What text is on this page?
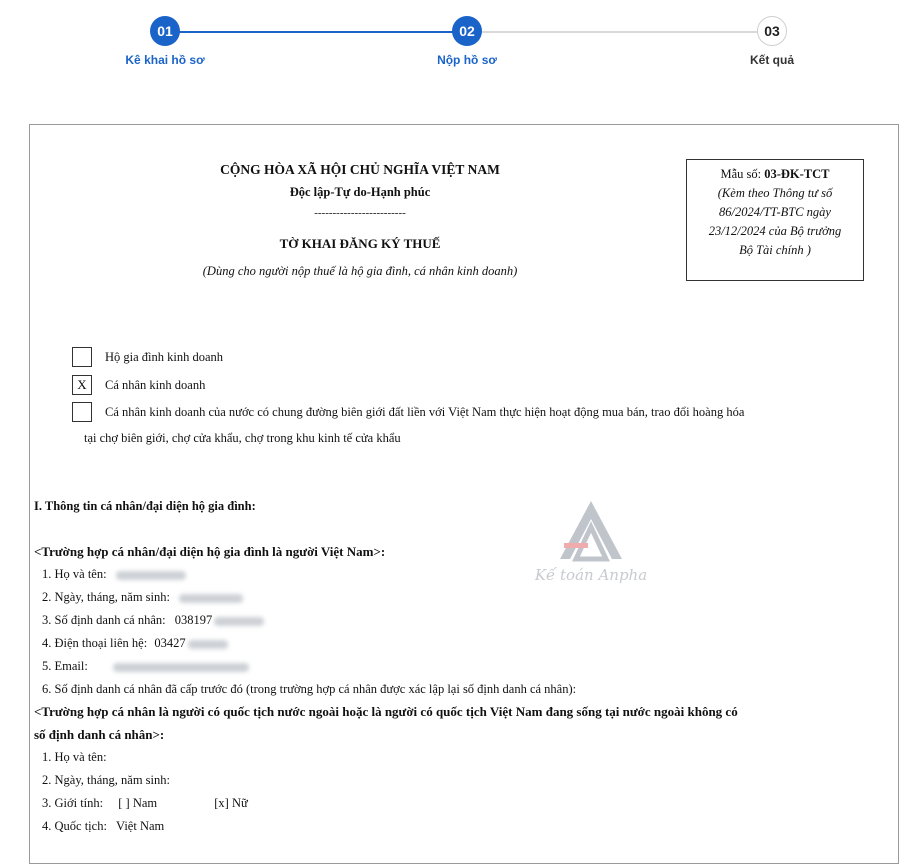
01
Kê khai hồ sơ
02
Nộp hồ sơ
03
Kết quả
CỘNG HÒA XÃ HỘI CHỦ NGHĨA VIỆT NAM
Độc lập-Tự do-Hạnh phúc
-------------------------
TỜ KHAI ĐĂNG KÝ THUẾ
(Dùng cho người nộp thuế là hộ gia đình, cá nhân kinh doanh)
Mẫu số: 03-ĐK-TCT
(Kèm theo Thông tư số
86/2024/TT-BTC ngày
23/12/2024 của Bộ trưởng
Bộ Tài chính )
Hộ gia đình kinh doanh
X	Cá nhân kinh doanh
Cá nhân kinh doanh của nước có chung đường biên giới đất liền với Việt Nam thực hiện hoạt động mua bán, trao đổi hoàng hóa
tại chợ biên giới, chợ cửa khẩu, chợ trong khu kinh tế cửa khẩu
Kế toán Anpha
I. Thông tin cá nhân/đại diện hộ gia đình:
<Trường hợp cá nhân/đại diện hộ gia đình là người Việt Nam>:
1. Họ và tên:
2. Ngày, tháng, năm sinh:
3. Số định danh cá nhân: 038197
4. Điện thoại liên hệ: 03427
5. Email:
6. Số định danh cá nhân đã cấp trước đó (trong trường hợp cá nhân được xác lập lại số định danh cá nhân):
<Trường hợp cá nhân là người có quốc tịch nước ngoài hoặc là người có quốc tịch Việt Nam đang sống tại nước ngoài không có
số định danh cá nhân>:
1. Họ và tên:
2. Ngày, tháng, năm sinh:
3. Giới tính: [ ] Nam	[x] Nữ
4. Quốc tịch: Việt Nam
